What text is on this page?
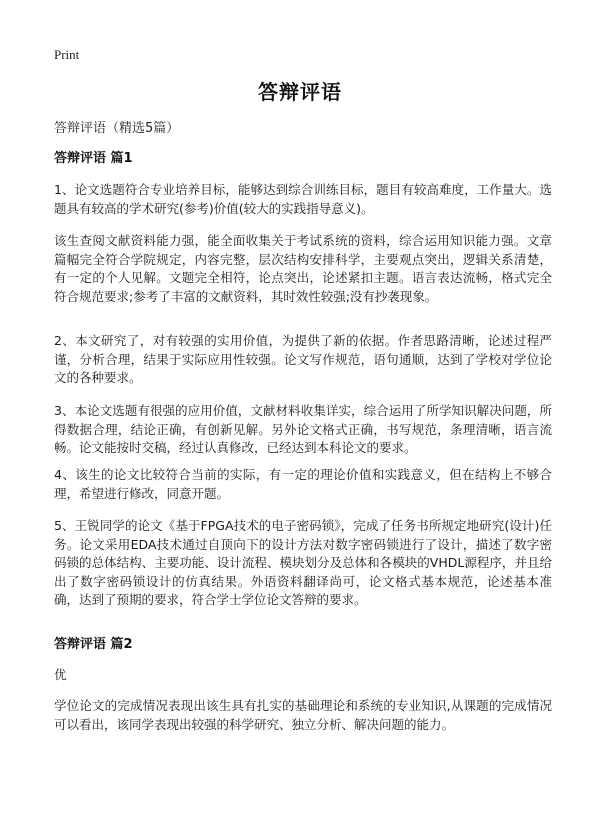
Print
答辩评语
答辩评语（精选5篇）
答辩评语 篇1

1、论文选题符合专业培养目标，能够达到综合训练目标，题目有较高难度，工作量大。选题具有较高的学术研究(参考)价值(较大的实践指导意义)。

该生查阅文献资料能力强，能全面收集关于考试系统的资料，综合运用知识能力强。文章篇幅完全符合学院规定，内容完整，层次结构安排科学，主要观点突出，逻辑关系清楚，有一定的个人见解。文题完全相符，论点突出，论述紧扣主题。语言表达流畅，格式完全符合规范要求;参考了丰富的文献资料，其时效性较强;没有抄袭现象。

2、本文研究了，对有较强的实用价值，为提供了新的依据。作者思路清晰，论述过程严谨，分析合理，结果于实际应用性较强。论文写作规范，语句通顺，达到了学校对学位论文的各种要求。

3、本论文选题有很强的应用价值，文献材料收集详实，综合运用了所学知识解决问题，所得数据合理，结论正确，有创新见解。另外论文格式正确，书写规范，条理清晰，语言流畅。论文能按时交稿，经过认真修改，已经达到本科论文的要求。

4、该生的论文比较符合当前的实际，有一定的理论价值和实践意义，但在结构上不够合理，希望进行修改，同意开题。

5、王锐同学的论文《基于FPGA技术的电子密码锁》，完成了任务书所规定地研究(设计)任务。论文采用EDA技术通过自顶向下的设计方法对数字密码锁进行了设计，描述了数字密码锁的总体结构、主要功能、设计流程、模块划分及总体和各模块的VHDL源程序，并且给出了数字密码锁设计的仿真结果。外语资料翻译尚可，论文格式基本规范，论述基本准确，达到了预期的要求，符合学士学位论文答辩的要求。

答辩评语 篇2

优

学位论文的完成情况表现出该生具有扎实的基础理论和系统的专业知识,从课题的完成情况可以看出，该同学表现出较强的科学研究、独立分析、解决问题的能力。
